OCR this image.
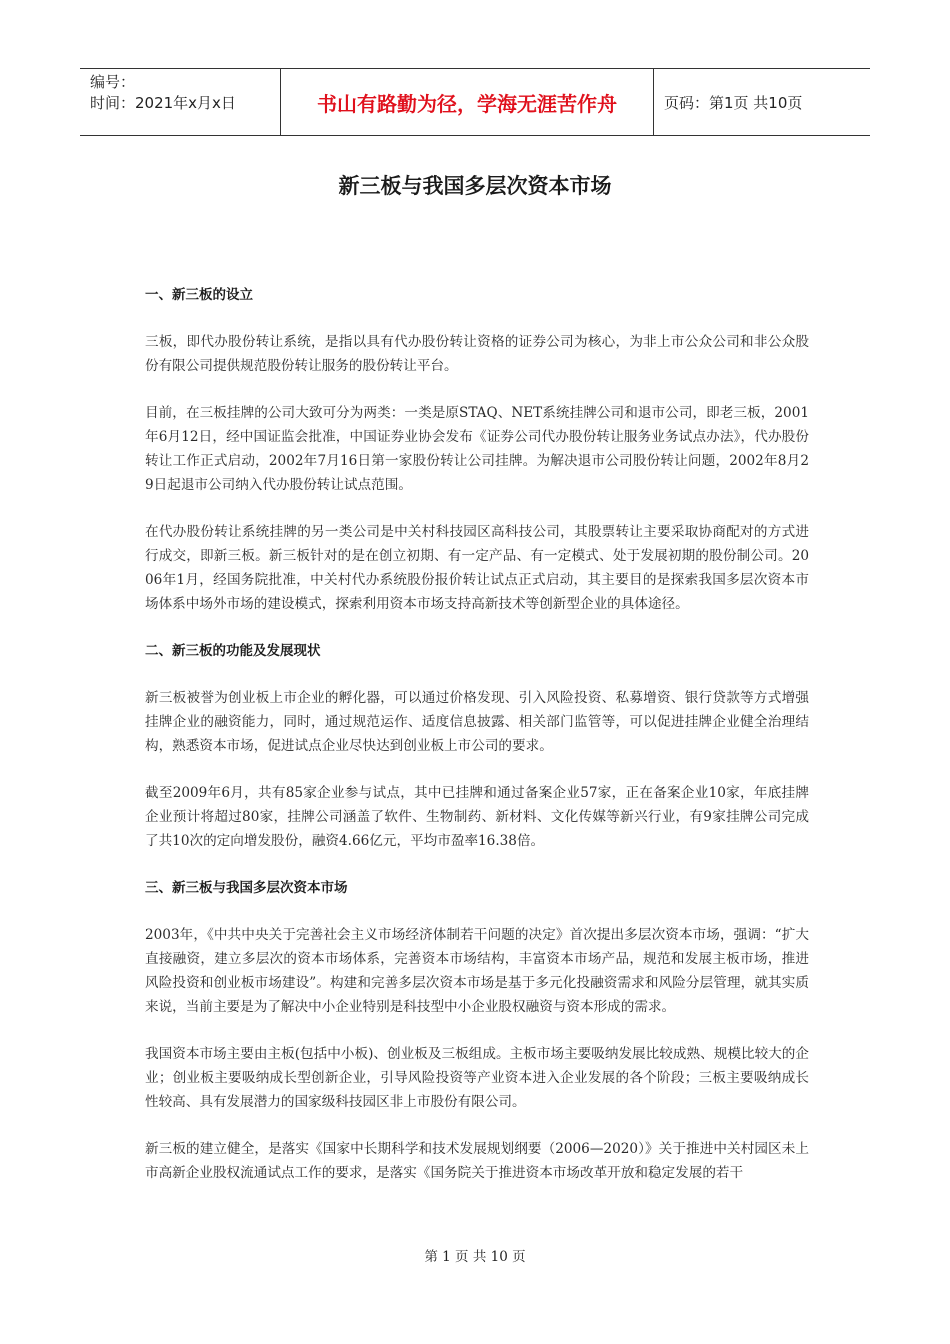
编号：
时间：2021年x月x日	书山有路勤为径，学海无涯苦作舟	页码：第1页 共10页
新三板与我国多层次资本市场
一、新三板的设立
三板，即代办股份转让系统，是指以具有代办股份转让资格的证券公司为核心，为非上市公众公司和非公众股份有限公司提供规范股份转让服务的股份转让平台。
目前，在三板挂牌的公司大致可分为两类：一类是原STAQ、NET系统挂牌公司和退市公司，即老三板，2001年6月12日，经中国证监会批准，中国证券业协会发布《证券公司代办股份转让服务业务试点办法》，代办股份转让工作正式启动，2002年7月16日第一家股份转让公司挂牌。为解决退市公司股份转让问题，2002年8月29日起退市公司纳入代办股份转让试点范围。
在代办股份转让系统挂牌的另一类公司是中关村科技园区高科技公司，其股票转让主要采取协商配对的方式进行成交，即新三板。新三板针对的是在创立初期、有一定产品、有一定模式、处于发展初期的股份制公司。2006年1月，经国务院批准，中关村代办系统股份报价转让试点正式启动，其主要目的是探索我国多层次资本市场体系中场外市场的建设模式，探索利用资本市场支持高新技术等创新型企业的具体途径。
二、新三板的功能及发展现状
新三板被誉为创业板上市企业的孵化器，可以通过价格发现、引入风险投资、私募增资、银行贷款等方式增强挂牌企业的融资能力，同时，通过规范运作、适度信息披露、相关部门监管等，可以促进挂牌企业健全治理结构，熟悉资本市场，促进试点企业尽快达到创业板上市公司的要求。
截至2009年6月，共有85家企业参与试点，其中已挂牌和通过备案企业57家，正在备案企业10家，年底挂牌企业预计将超过80家，挂牌公司涵盖了软件、生物制药、新材料、文化传媒等新兴行业，有9家挂牌公司完成了共10次的定向增发股份，融资4.66亿元，平均市盈率16.38倍。
三、新三板与我国多层次资本市场
2003年，《中共中央关于完善社会主义市场经济体制若干问题的决定》首次提出多层次资本市场，强调：“扩大直接融资，建立多层次的资本市场体系，完善资本市场结构，丰富资本市场产品，规范和发展主板市场，推进风险投资和创业板市场建设”。构建和完善多层次资本市场是基于多元化投融资需求和风险分层管理，就其实质来说，当前主要是为了解决中小企业特别是科技型中小企业股权融资与资本形成的需求。
我国资本市场主要由主板(包括中小板)、创业板及三板组成。主板市场主要吸纳发展比较成熟、规模比较大的企业；创业板主要吸纳成长型创新企业，引导风险投资等产业资本进入企业发展的各个阶段；三板主要吸纳成长性较高、具有发展潜力的国家级科技园区非上市股份有限公司。
新三板的建立健全，是落实《国家中长期科学和技术发展规划纲要（2006—2020）》关于推进中关村园区未上市高新企业股权流通试点工作的要求，是落实《国务院关于推进资本市场改革开放和稳定发展的若干
第 1 页 共 10 页
